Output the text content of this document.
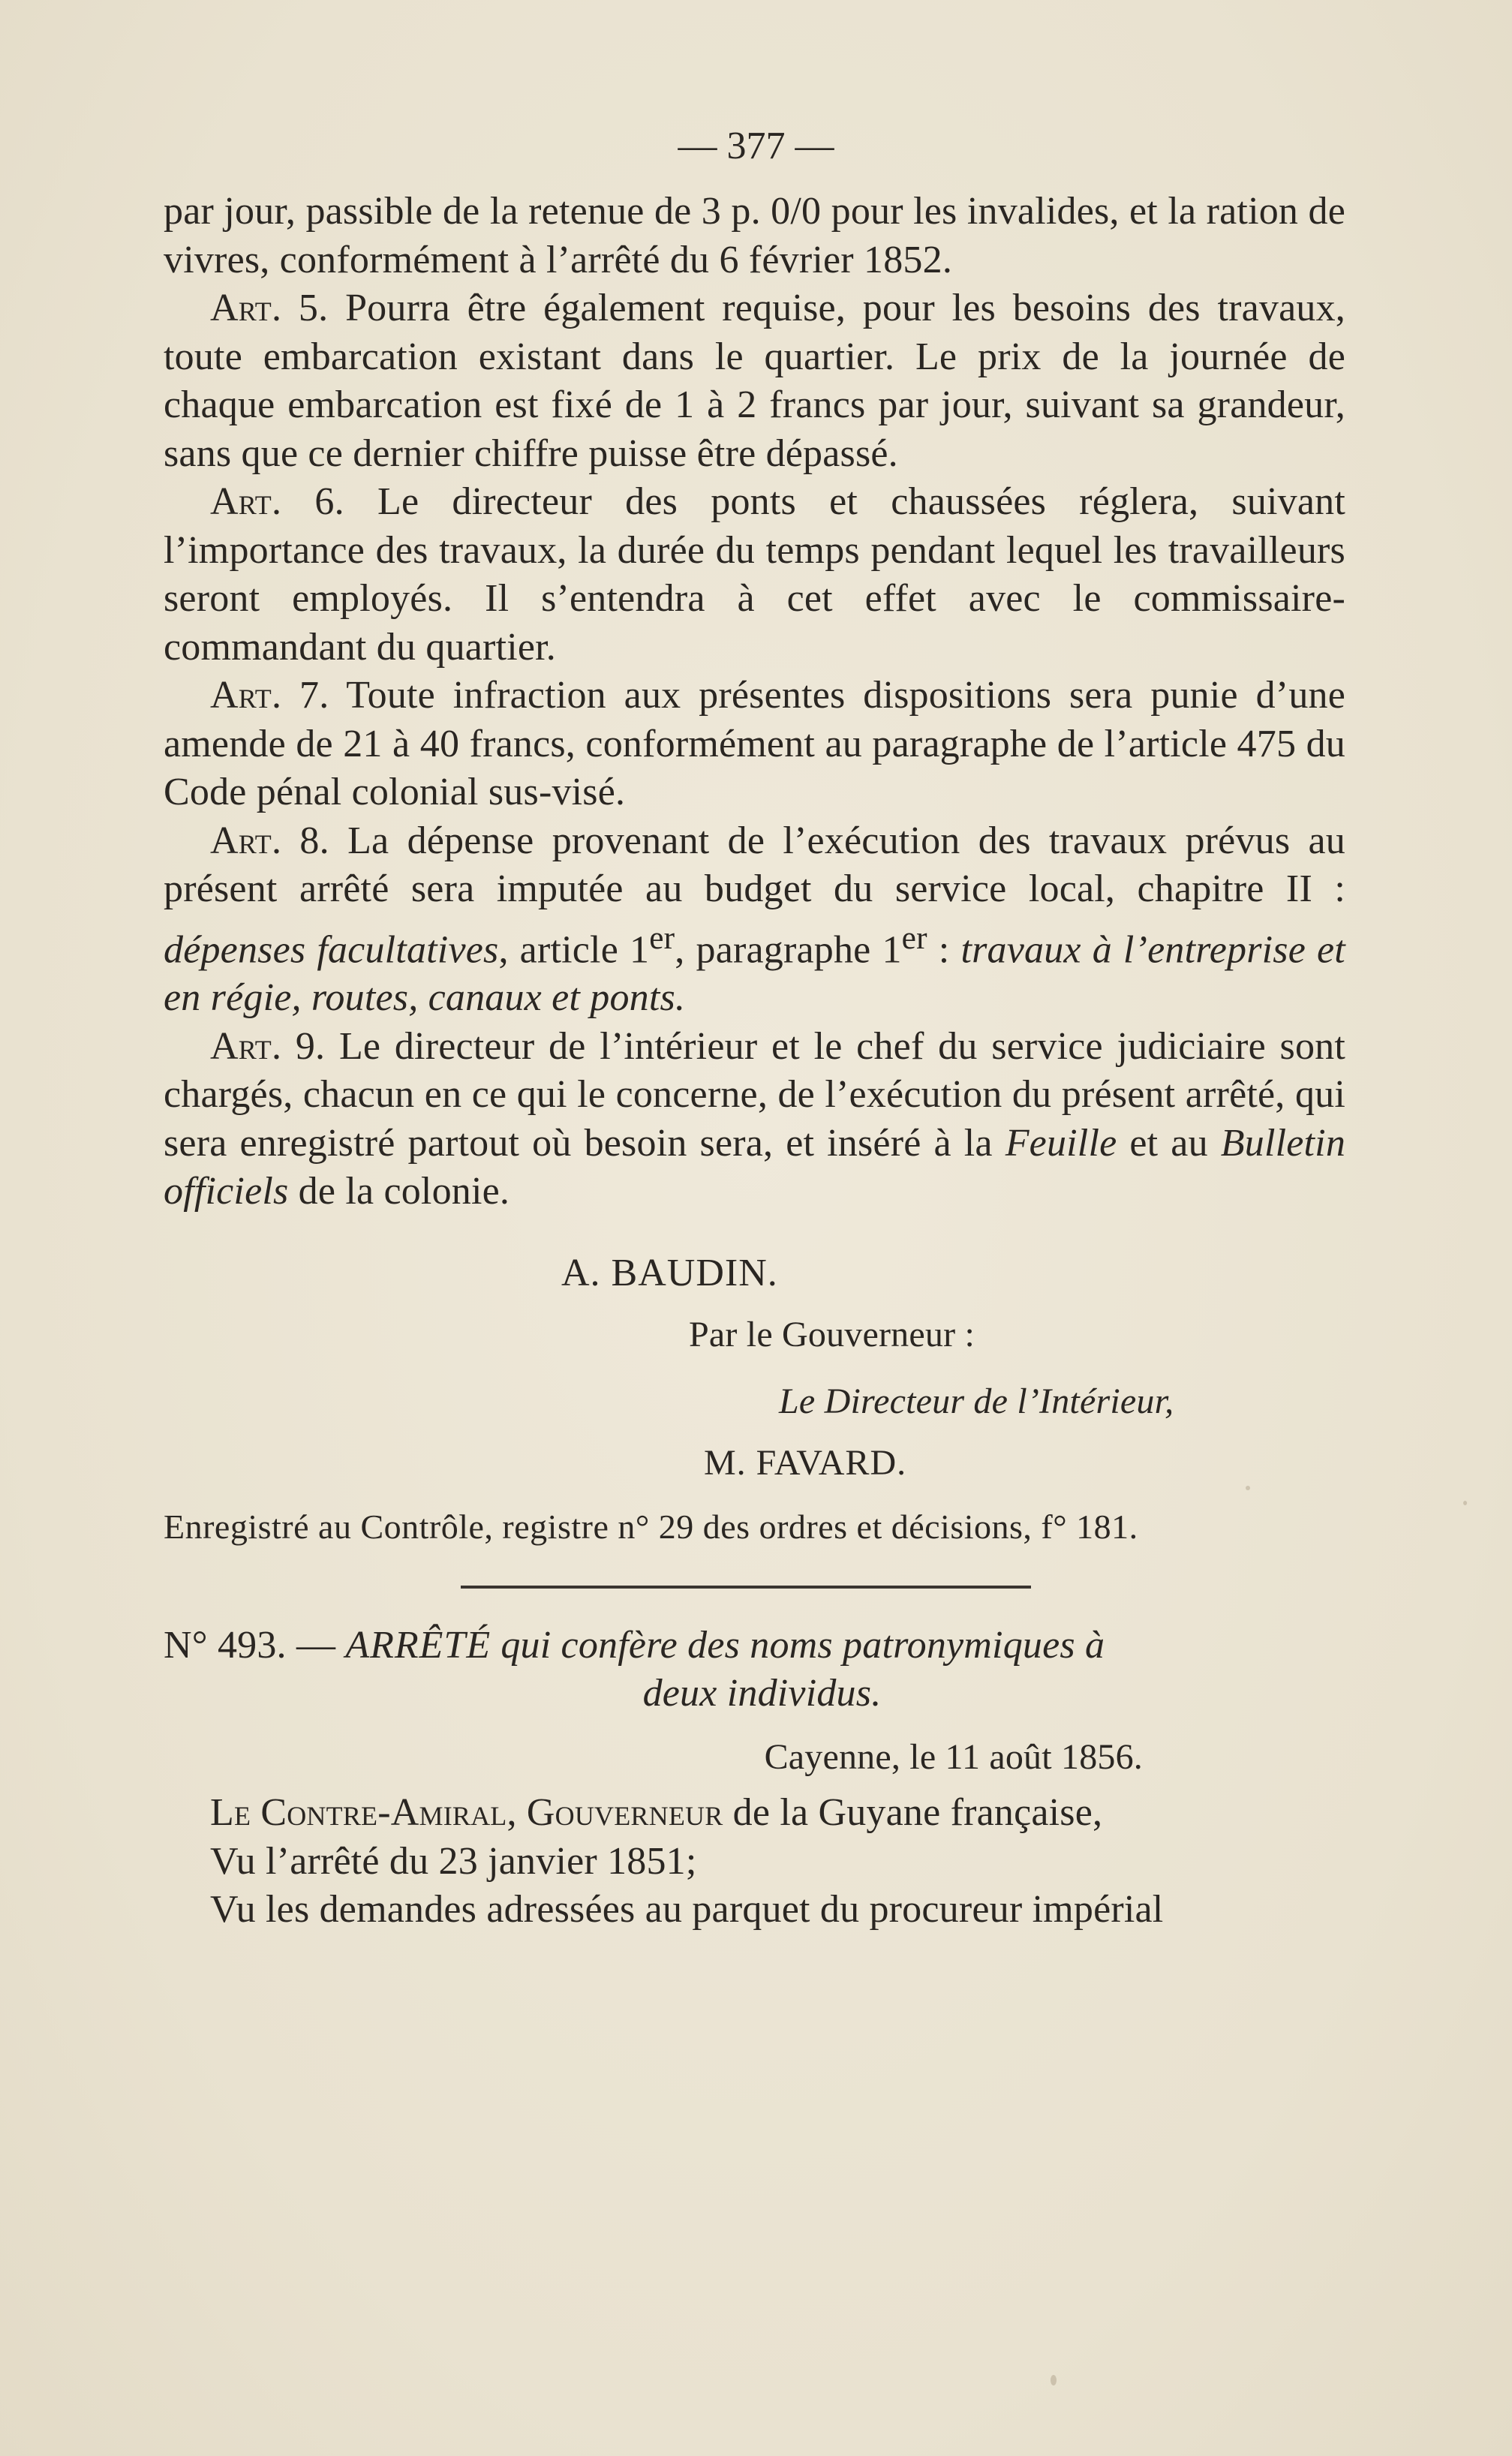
— 377 —

par jour, passible de la retenue de 3 p. 0/0 pour les invalides, et la ration de vivres, conformément à l’arrêté du 6 février 1852.

Art. 5. Pourra être également requise, pour les besoins des travaux, toute embarcation existant dans le quartier. Le prix de la journée de chaque embarcation est fixé de 1 à 2 francs par jour, suivant sa grandeur, sans que ce dernier chiffre puisse être dépassé.

Art. 6. Le directeur des ponts et chaussées réglera, suivant l’importance des travaux, la durée du temps pendant lequel les travailleurs seront employés. Il s’entendra à cet effet avec le commissaire-commandant du quartier.

Art. 7. Toute infraction aux présentes dispositions sera punie d’une amende de 21 à 40 francs, conformément au paragraphe de l’article 475 du Code pénal colonial sus-visé.

Art. 8. La dépense provenant de l’exécution des travaux prévus au présent arrêté sera imputée au budget du service local, chapitre II : dépenses facultatives, article 1er, paragraphe 1er : travaux à l’entreprise et en régie, routes, canaux et ponts.

Art. 9. Le directeur de l’intérieur et le chef du service judiciaire sont chargés, chacun en ce qui le concerne, de l’exécution du présent arrêté, qui sera enregistré partout où besoin sera, et inséré à la Feuille et au Bulletin officiels de la colonie.

A. BAUDIN.
Par le Gouverneur :
Le Directeur de l’Intérieur,
M. FAVARD.

Enregistré au Contrôle, registre n° 29 des ordres et décisions, f° 181.

N° 493. — ARRÊTÉ qui confère des noms patronymiques à

deux individus.
Cayenne, le 11 août 1856.

Le Contre-Amiral, Gouverneur de la Guyane française,

Vu l’arrêté du 23 janvier 1851;

Vu les demandes adressées au parquet du procureur impérial
